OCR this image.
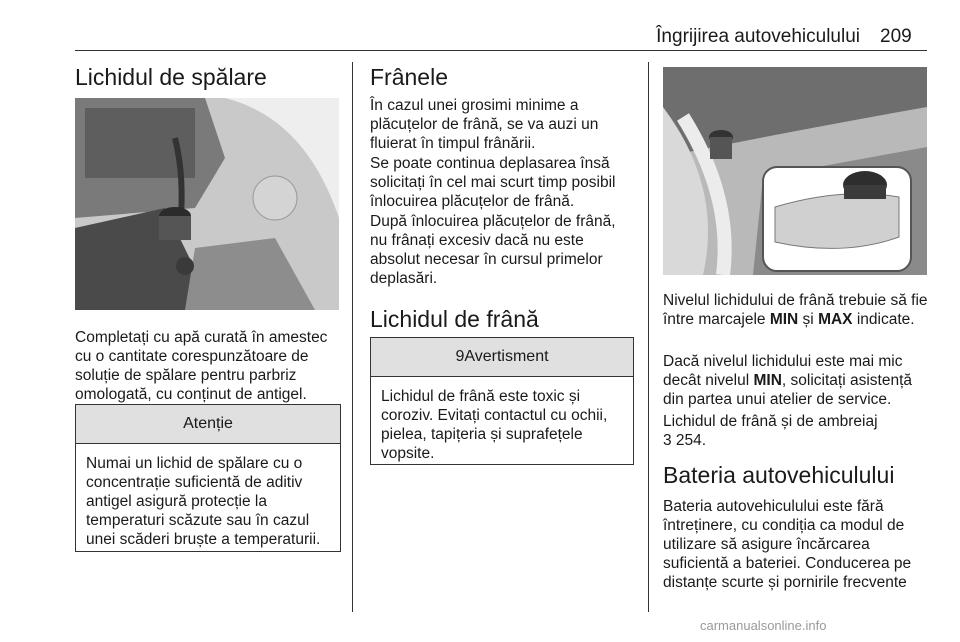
Îngrijirea autovehiculului 209
Lichidul de spălare

Completați cu apă curată în amestec cu o cantitate corespunzătoare de soluție de spălare pentru parbriz omologată, cu conținut de antigel.

Atenție
Numai un lichid de spălare cu o concentrație suficientă de aditiv antigel asigură protecție la temperaturi scăzute sau în cazul unei scăderi bruște a temperaturii.
Frânele

În cazul unei grosimi minime a plăcuțelor de frână, se va auzi un fluierat în timpul frânării.

Se poate continua deplasarea însă solicitați în cel mai scurt timp posibil înlocuirea plăcuțelor de frână.

După înlocuirea plăcuțelor de frână, nu frânați excesiv dacă nu este absolut necesar în cursul primelor deplasări.

Lichidul de frână
9 Avertisment
Lichidul de frână este toxic și coroziv. Evitați contactul cu ochii, pielea, tapițeria și suprafețele vopsite.

Nivelul lichidului de frână trebuie să fie între marcajele MIN și MAX indicate.

Dacă nivelul lichidului este mai mic decât nivelul MIN, solicitați asistență din partea unui atelier de service.

Lichidul de frână și de ambreiaj
3 254.

Bateria autovehiculului

Bateria autovehiculului este fără întreținere, cu condiția ca modul de utilizare să asigure încărcarea suficientă a bateriei. Conducerea pe distanțe scurte și pornirile frecvente

carmanualsonline.info
